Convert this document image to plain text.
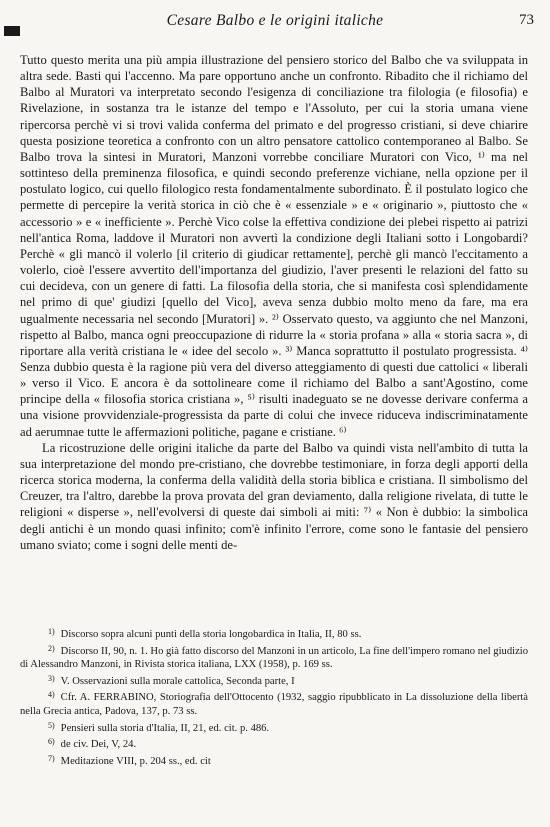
Cesare Balbo e le origini italiche	73

Tutto questo merita una più ampia illustrazione del pensiero storico del Balbo che va sviluppata in altra sede. Basti qui l'accenno. Ma pare opportuno anche un confronto. Ribadito che il richiamo del Balbo al Muratori va interpretato secondo l'esigenza di conciliazione tra filologia (e filosofia) e Rivelazione, in sostanza tra le istanze del tempo e l'Assoluto, per cui la storia umana viene ripercorsa perchè vi si trovi valida conferma del primato e del progresso cristiani, si deve chiarire questa posizione teoretica a confronto con un altro pensatore cattolico contemporaneo al Balbo. Se Balbo trova la sintesi in Muratori, Manzoni vorrebbe conciliare Muratori con Vico, ¹⁾ ma nel sottinteso della preminenza filosofica, e quindi secondo preferenze vichiane, nella opzione per il postulato logico, cui quello filologico resta fondamentalmente subordinato. È il postulato logico che permette di percepire la verità storica in ciò che è « essenziale » e « originario », piuttosto che « accessorio » e « inefficiente ». Perchè Vico colse la effettiva condizione dei plebei rispetto ai patrizi nell'antica Roma, laddove il Muratori non avvertì la condizione degli Italiani sotto i Longobardi? Perchè « gli mancò il volerlo [il criterio di giudicar rettamente], perchè gli mancò l'eccitamento a volerlo, cioè l'essere avvertito dell'importanza del giudizio, l'aver presenti le relazioni del fatto su cui decideva, con un genere di fatti. La filosofia della storia, che si manifesta così splendidamente nel primo di que' giudizi [quello del Vico], aveva senza dubbio molto meno da fare, ma era ugualmente necessaria nel secondo [Muratori] ». ²⁾ Osservato questo, va aggiunto che nel Manzoni, rispetto al Balbo, manca ogni preoccupazione di ridurre la « storia profana » alla « storia sacra », di riportare alla verità cristiana le « idee del secolo ». ³⁾ Manca soprattutto il postulato progressista. ⁴⁾ Senza dubbio questa è la ragione più vera del diverso atteggiamento di questi due cattolici « liberali » verso il Vico. E ancora è da sottolineare come il richiamo del Balbo a sant'Agostino, come principe della « filosofia storica cristiana », ⁵⁾ risulti inadeguato se ne dovesse derivare conferma a una visione provvidenziale-progressista da parte di colui che invece riduceva indiscriminatamente ad aerumnae tutte le affermazioni politiche, pagane e cristiane. ⁶⁾

La ricostruzione delle origini italiche da parte del Balbo va quindi vista nell'ambito di tutta la sua interpretazione del mondo pre-cristiano, che dovrebbe testimoniare, in forza degli apporti della ricerca storica moderna, la conferma della validità della storia biblica e cristiana. Il simbolismo del Creuzer, tra l'altro, darebbe la prova provata del gran deviamento, dalla religione rivelata, di tutte le religioni « disperse », nell'evolversi di queste dai simboli ai miti: ⁷⁾ « Non è dubbio: la simbolica degli antichi è un mondo quasi infinito; com'è infinito l'errore, come sono le fantasie del pensiero umano sviato; come i sogni delle menti de-

$^{1)}$ Discorso sopra alcuni punti della storia longobardica in Italia, II, 80 ss.

$^{2)}$ Discorso II, 90, n. 1. Ho già fatto discorso del Manzoni in un articolo, La fine dell'impero romano nel giudizio di Alessandro Manzoni, in Rivista storica italiana, LXX (1958), p. 169 ss.

$^{3)}$ V. Osservazioni sulla morale cattolica, Seconda parte, I

$^{4)}$ Cfr. A. FERRABINO, Storiografia dell'Ottocento (1932, saggio ripubblicato in La dissoluzione della libertà nella Grecia antica, Padova, 137, p. 73 ss.

$^{5)}$ Pensieri sulla storia d'Italia, II, 21, ed. cit. p. 486.

$^{6)}$ de civ. Dei, V, 24.

$^{7)}$ Meditazione VIII, p. 204 ss., ed. cit
